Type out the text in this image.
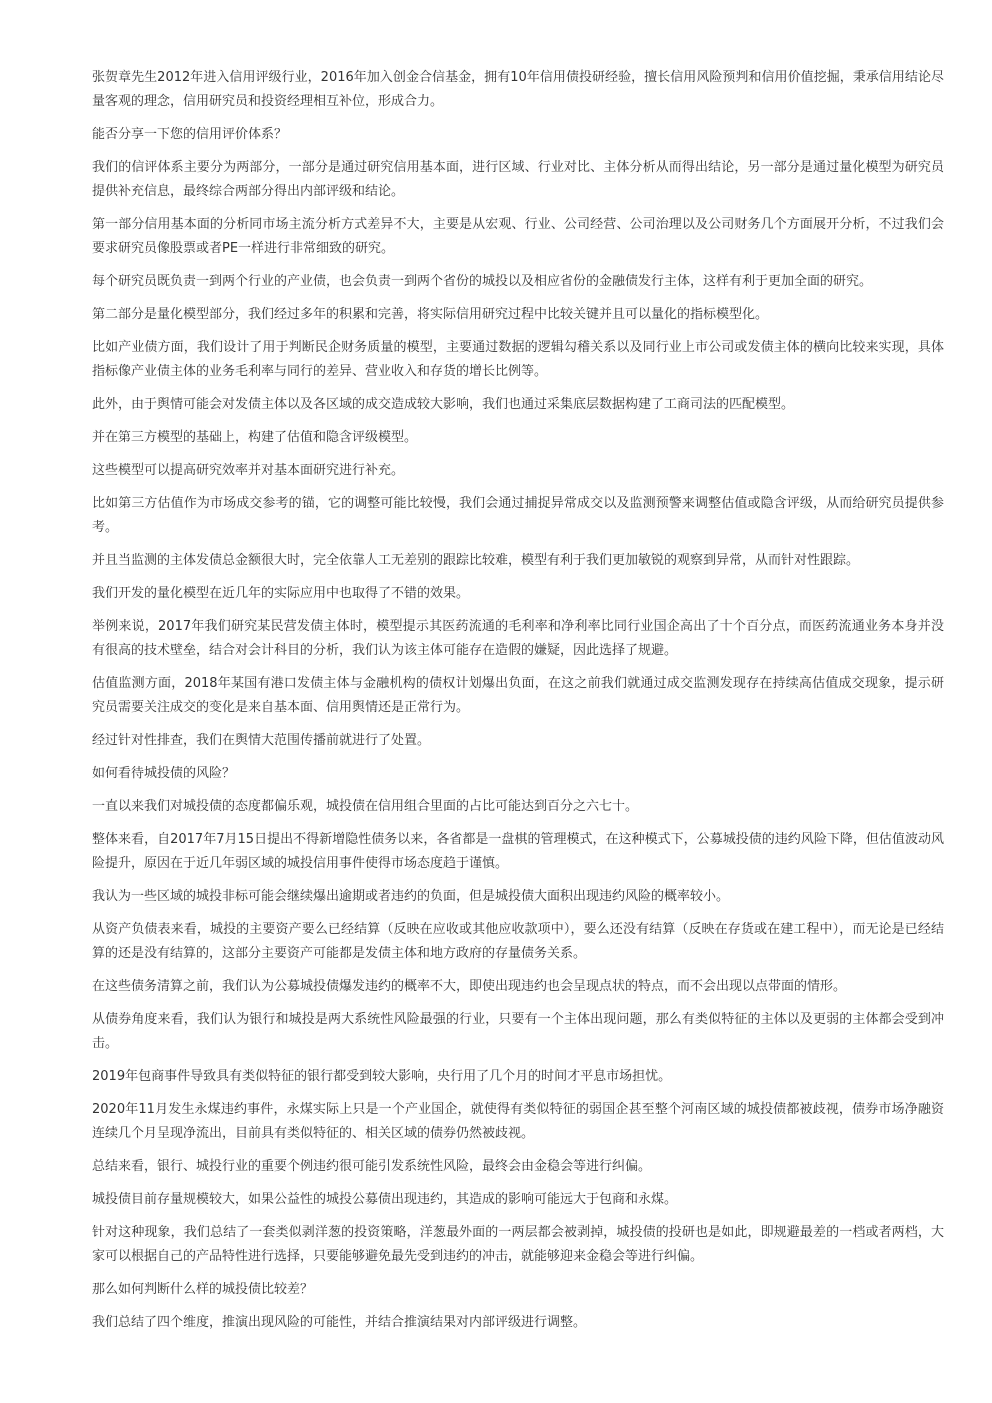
张贺章先生2012年进入信用评级行业，2016年加入创金合信基金，拥有10年信用债投研经验，擅长信用风险预判和信用价值挖掘，秉承信用结论尽量客观的理念，信用研究员和投资经理相互补位，形成合力。

能否分享一下您的信用评价体系？

我们的信评体系主要分为两部分，一部分是通过研究信用基本面，进行区域、行业对比、主体分析从而得出结论，另一部分是通过量化模型为研究员提供补充信息，最终综合两部分得出内部评级和结论。

第一部分信用基本面的分析同市场主流分析方式差异不大，主要是从宏观、行业、公司经营、公司治理以及公司财务几个方面展开分析，不过我们会要求研究员像股票或者PE一样进行非常细致的研究。

每个研究员既负责一到两个行业的产业债，也会负责一到两个省份的城投以及相应省份的金融债发行主体，这样有利于更加全面的研究。

第二部分是量化模型部分，我们经过多年的积累和完善，将实际信用研究过程中比较关键并且可以量化的指标模型化。

比如产业债方面，我们设计了用于判断民企财务质量的模型，主要通过数据的逻辑勾稽关系以及同行业上市公司或发债主体的横向比较来实现，具体指标像产业债主体的业务毛利率与同行的差异、营业收入和存货的增长比例等。

此外，由于舆情可能会对发债主体以及各区域的成交造成较大影响，我们也通过采集底层数据构建了工商司法的匹配模型。

并在第三方模型的基础上，构建了估值和隐含评级模型。

这些模型可以提高研究效率并对基本面研究进行补充。

比如第三方估值作为市场成交参考的锚，它的调整可能比较慢，我们会通过捕捉异常成交以及监测预警来调整估值或隐含评级，从而给研究员提供参考。

并且当监测的主体发债总金额很大时，完全依靠人工无差别的跟踪比较难，模型有利于我们更加敏锐的观察到异常，从而针对性跟踪。

我们开发的量化模型在近几年的实际应用中也取得了不错的效果。

举例来说，2017年我们研究某民营发债主体时，模型提示其医药流通的毛利率和净利率比同行业国企高出了十个百分点，而医药流通业务本身并没有很高的技术壁垒，结合对会计科目的分析，我们认为该主体可能存在造假的嫌疑，因此选择了规避。

估值监测方面，2018年某国有港口发债主体与金融机构的债权计划爆出负面，在这之前我们就通过成交监测发现存在持续高估值成交现象，提示研究员需要关注成交的变化是来自基本面、信用舆情还是正常行为。

经过针对性排查，我们在舆情大范围传播前就进行了处置。

如何看待城投债的风险？

一直以来我们对城投债的态度都偏乐观，城投债在信用组合里面的占比可能达到百分之六七十。

整体来看，自2017年7月15日提出不得新增隐性债务以来，各省都是一盘棋的管理模式，在这种模式下，公募城投债的违约风险下降，但估值波动风险提升，原因在于近几年弱区域的城投信用事件使得市场态度趋于谨慎。

我认为一些区域的城投非标可能会继续爆出逾期或者违约的负面，但是城投债大面积出现违约风险的概率较小。

从资产负债表来看，城投的主要资产要么已经结算（反映在应收或其他应收款项中），要么还没有结算（反映在存货或在建工程中），而无论是已经结算的还是没有结算的，这部分主要资产可能都是发债主体和地方政府的存量债务关系。

在这些债务清算之前，我们认为公募城投债爆发违约的概率不大，即使出现违约也会呈现点状的特点，而不会出现以点带面的情形。

从债券角度来看，我们认为银行和城投是两大系统性风险最强的行业，只要有一个主体出现问题，那么有类似特征的主体以及更弱的主体都会受到冲击。

2019年包商事件导致具有类似特征的银行都受到较大影响，央行用了几个月的时间才平息市场担忧。

2020年11月发生永煤违约事件，永煤实际上只是一个产业国企，就使得有类似特征的弱国企甚至整个河南区域的城投债都被歧视，债券市场净融资连续几个月呈现净流出，目前具有类似特征的、相关区域的债券仍然被歧视。

总结来看，银行、城投行业的重要个例违约很可能引发系统性风险，最终会由金稳会等进行纠偏。

城投债目前存量规模较大，如果公益性的城投公募债出现违约，其造成的影响可能远大于包商和永煤。

针对这种现象，我们总结了一套类似剥洋葱的投资策略，洋葱最外面的一两层都会被剥掉，城投债的投研也是如此，即规避最差的一档或者两档，大家可以根据自己的产品特性进行选择，只要能够避免最先受到违约的冲击，就能够迎来金稳会等进行纠偏。

那么如何判断什么样的城投债比较差？

我们总结了四个维度，推演出现风险的可能性，并结合推演结果对内部评级进行调整。
